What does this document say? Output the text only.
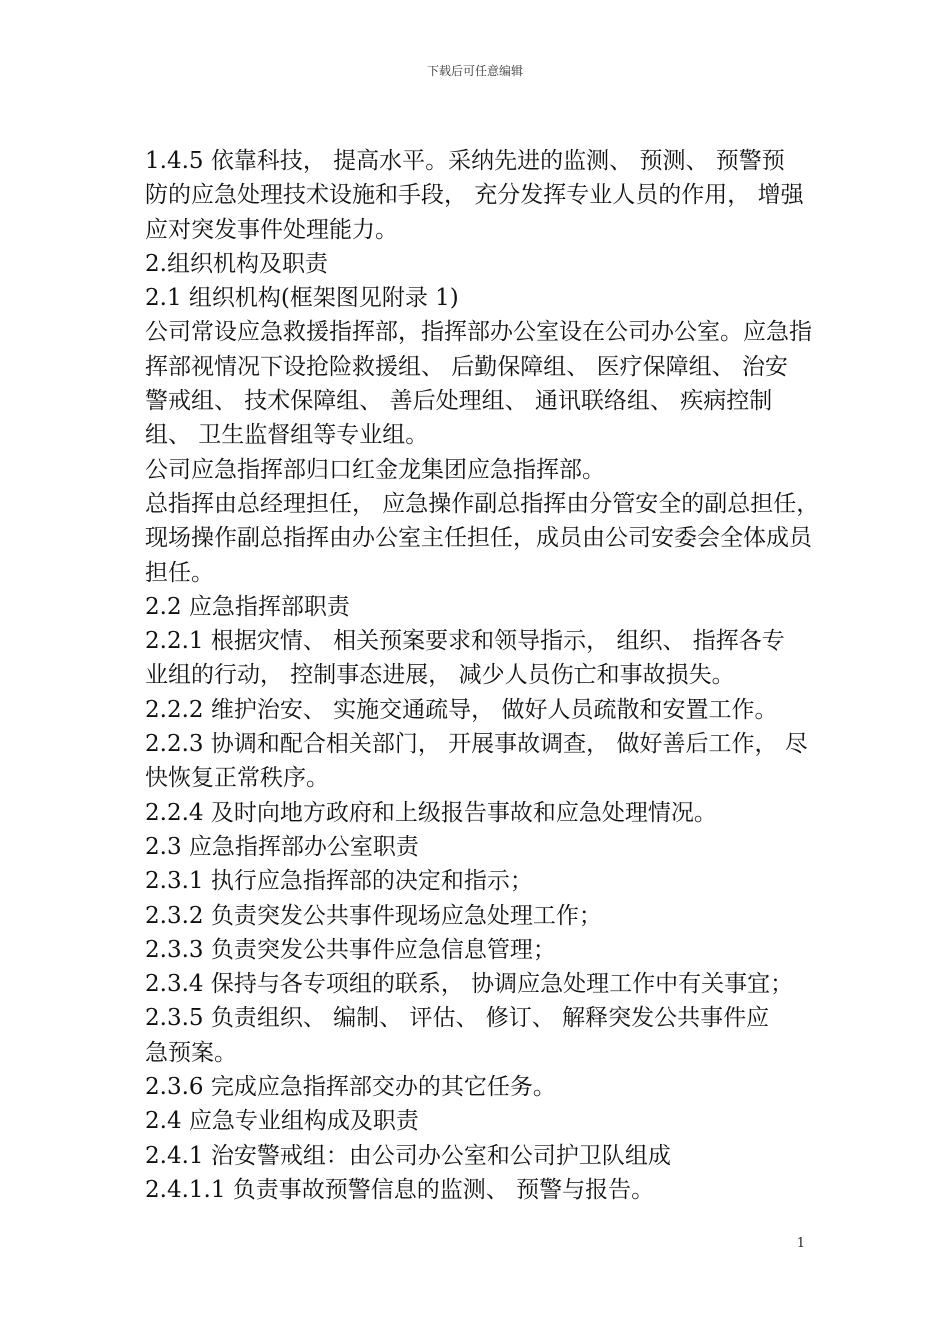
下载后可任意编辑
1.4.5 依靠科技， 提高水平。采纳先进的监测、 预测、 预警预
防的应急处理技术设施和手段， 充分发挥专业人员的作用， 增强
应对突发事件处理能力。
2.组织机构及职责
2.1 组织机构(框架图见附录 1)
公司常设应急救援指挥部，指挥部办公室设在公司办公室。应急指
挥部视情况下设抢险救援组、 后勤保障组、 医疗保障组、 治安
警戒组、 技术保障组、 善后处理组、 通讯联络组、 疾病控制
组、 卫生监督组等专业组。
公司应急指挥部归口红金龙集团应急指挥部。
总指挥由总经理担任， 应急操作副总指挥由分管安全的副总担任，
现场操作副总指挥由办公室主任担任，成员由公司安委会全体成员
担任。
2.2 应急指挥部职责
2.2.1 根据灾情、 相关预案要求和领导指示， 组织、 指挥各专
业组的行动， 控制事态进展， 减少人员伤亡和事故损失。
2.2.2 维护治安、 实施交通疏导， 做好人员疏散和安置工作。
2.2.3 协调和配合相关部门， 开展事故调查， 做好善后工作， 尽
快恢复正常秩序。
2.2.4 及时向地方政府和上级报告事故和应急处理情况。
2.3 应急指挥部办公室职责
2.3.1 执行应急指挥部的决定和指示；
2.3.2 负责突发公共事件现场应急处理工作；
2.3.3 负责突发公共事件应急信息管理；
2.3.4 保持与各专项组的联系， 协调应急处理工作中有关事宜；
2.3.5 负责组织、 编制、 评估、 修订、 解释突发公共事件应
急预案。
2.3.6 完成应急指挥部交办的其它任务。
2.4 应急专业组构成及职责
2.4.1 治安警戒组：由公司办公室和公司护卫队组成
2.4.1.1 负责事故预警信息的监测、 预警与报告。
1
